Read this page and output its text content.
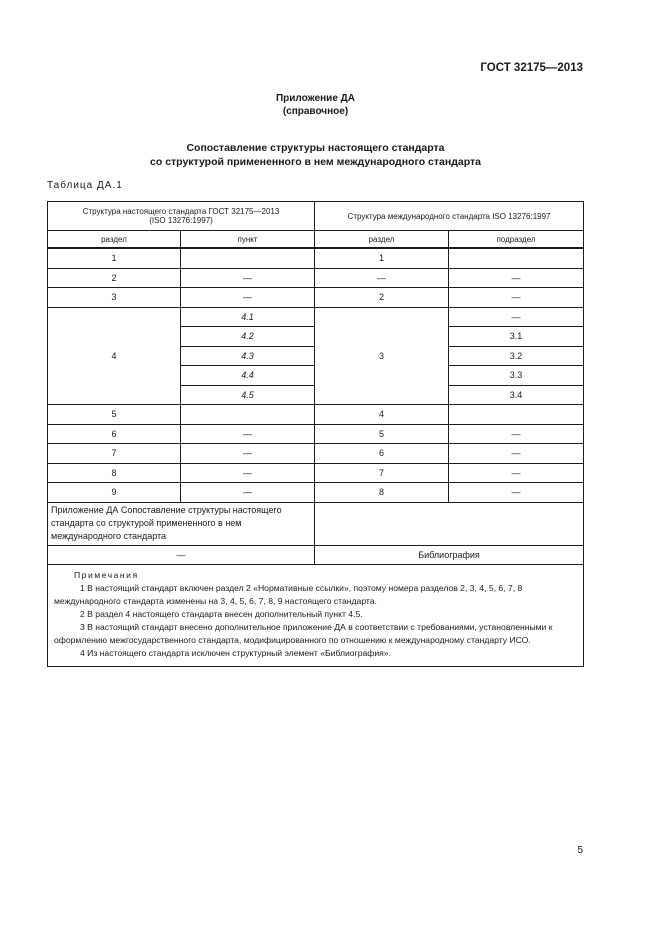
ГОСТ 32175—2013
Приложение ДА
(справочное)
Сопоставление структуры настоящего стандарта
со структурой примененного в нем международного стандарта
Таблица ДА.1
Структура настоящего стандарта ГОСТ 32175—2013
(ISO 13276:1997)		Структура международного стандарта ISO 13276:1997	
раздел	пункт	раздел	подраздел
1		1	
2	—	—	—
3	—	2	—
4	4.1	3	—
	4.2		3.1
	4.3		3.2
	4.4		3.3
	4.5		3.4
5		4	
6	—	5	—
7	—	6	—
8	—	7	—
9	—	8	—
Приложение ДА Сопоставление структуры настоящего стандарта со структурой примененного в нем международного стандарта			
—		Библиография	

Примечания
1 В настоящий стандарт включен раздел 2 «Нормативные ссылки», поэтому номера разделов 2, 3, 4, 5, 6, 7, 8 международного стандарта изменены на 3, 4, 5, 6, 7, 8, 9 настоящего стандарта.
2 В раздел 4 настоящего стандарта внесен дополнительный пункт 4.5.
3 В настоящий стандарт внесено дополнительное приложение ДА в соответствии с требованиями, установленными к оформлению межгосударственного стандарта, модифицированного по отношению к международному стандарту ИСО.
4 Из настоящего стандарта исключен структурный элемент «Библиография».			
5
